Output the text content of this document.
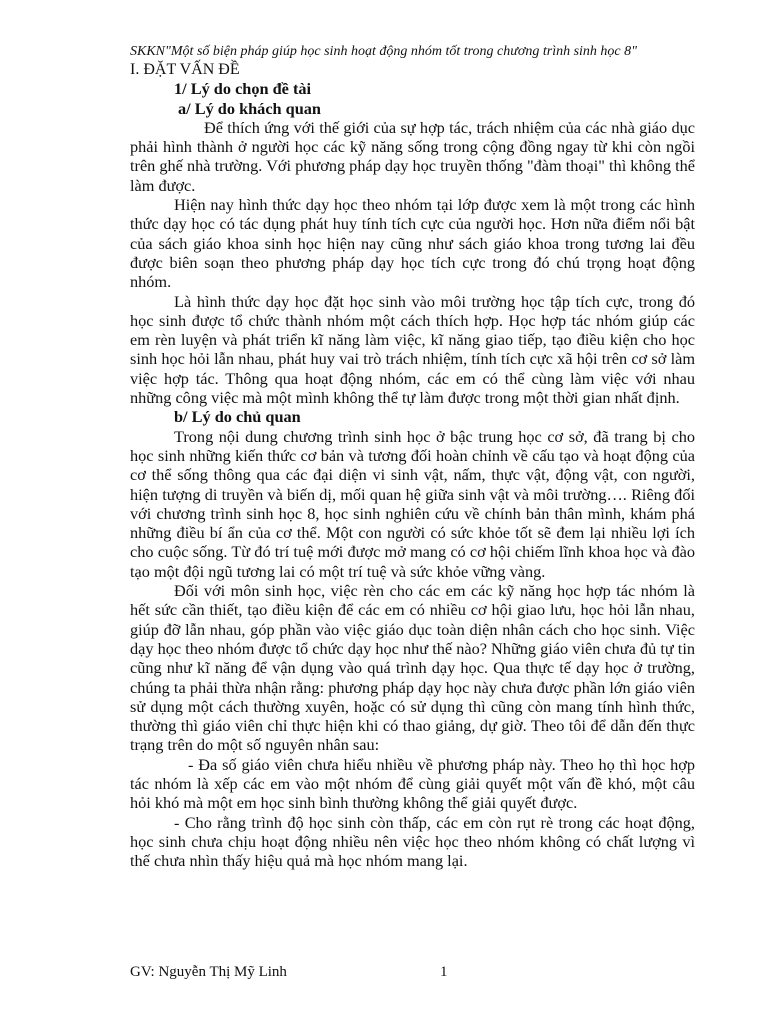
SKKN"Một số biện pháp giúp học sinh hoạt động nhóm tốt trong chương trình sinh học 8"
I. ĐẶT VẤN ĐỀ
1/ Lý do chọn đề tài
a/ Lý do khách quan

Để thích ứng với thế giới của sự hợp tác, trách nhiệm của các nhà giáo dục phải hình thành ở người học các kỹ năng sống trong cộng đồng ngay từ khi còn ngồi trên ghế nhà trường. Với phương pháp dạy học truyền thống "đàm thoại" thì không thể làm được.

Hiện nay hình thức dạy học theo nhóm tại lớp được xem là một trong các hình thức dạy học có tác dụng phát huy tính tích cực của người học. Hơn nữa điểm nổi bật của sách giáo khoa sinh học hiện nay cũng như sách giáo khoa trong tương lai đều được biên soạn theo phương pháp dạy học tích cực trong đó chú trọng hoạt động nhóm.

Là hình thức dạy học đặt học sinh vào môi trường học tập tích cực, trong đó học sinh được tổ chức thành nhóm một cách thích hợp. Học hợp tác nhóm giúp các em rèn luyện và phát triển kĩ năng làm việc, kĩ năng giao tiếp, tạo điều kiện cho học sinh học hỏi lẫn nhau, phát huy vai trò trách nhiệm, tính tích cực xã hội trên cơ sở làm việc hợp tác. Thông qua hoạt động nhóm, các em có thể cùng làm việc với nhau những công việc mà một mình không thể tự làm được trong một thời gian nhất định.

b/ Lý do chủ quan

Trong nội dung chương trình sinh học ở bậc trung học cơ sở, đã trang bị cho học sinh những kiến thức cơ bản và tương đối hoàn chỉnh về cấu tạo và hoạt động của cơ thể sống thông qua các đại diện vi sinh vật, nấm, thực vật, động vật, con người, hiện tượng di truyền và biến dị, mối quan hệ giữa sinh vật và môi trường…. Riêng đối với chương trình sinh học 8, học sinh nghiên cứu về chính bản thân mình, khám phá những điều bí ẩn của cơ thể. Một con người có sức khỏe tốt sẽ đem lại nhiều lợi ích cho cuộc sống. Từ đó trí tuệ mới được mở mang có cơ hội chiếm lĩnh khoa học và đào tạo một đội ngũ tương lai có một trí tuệ và sức khỏe vững vàng.

Đối với môn sinh học, việc rèn cho các em các kỹ năng học hợp tác nhóm là hết sức cần thiết, tạo điều kiện để các em có nhiều cơ hội giao lưu, học hỏi lẫn nhau, giúp đỡ lẫn nhau, góp phần vào việc giáo dục toàn diện nhân cách cho học sinh. Việc dạy học theo nhóm được tổ chức dạy học như thế nào? Những giáo viên chưa đủ tự tin cũng như kĩ năng để vận dụng vào quá trình dạy học. Qua thực tế dạy học ở trường, chúng ta phải thừa nhận rằng: phương pháp dạy học này chưa được phần lớn giáo viên sử dụng một cách thường xuyên, hoặc có sử dụng thì cũng còn mang tính hình thức, thường thì giáo viên chỉ thực hiện khi có thao giảng, dự giờ. Theo tôi để dẫn đến thực trạng trên do một số nguyên nhân sau:

- Đa số giáo viên chưa hiểu nhiều về phương pháp này. Theo họ thì học hợp tác nhóm là xếp các em vào một nhóm để cùng giải quyết một vấn đề khó, một câu hỏi khó mà một em học sinh bình thường không thể giải quyết được.

- Cho rằng trình độ học sinh còn thấp, các em còn rụt rè trong các hoạt động, học sinh chưa chịu hoạt động nhiều nên việc học theo nhóm không có chất lượng vì thế chưa nhìn thấy hiệu quả mà học nhóm mang lại.

GV: Nguyễn Thị Mỹ Linh	1
